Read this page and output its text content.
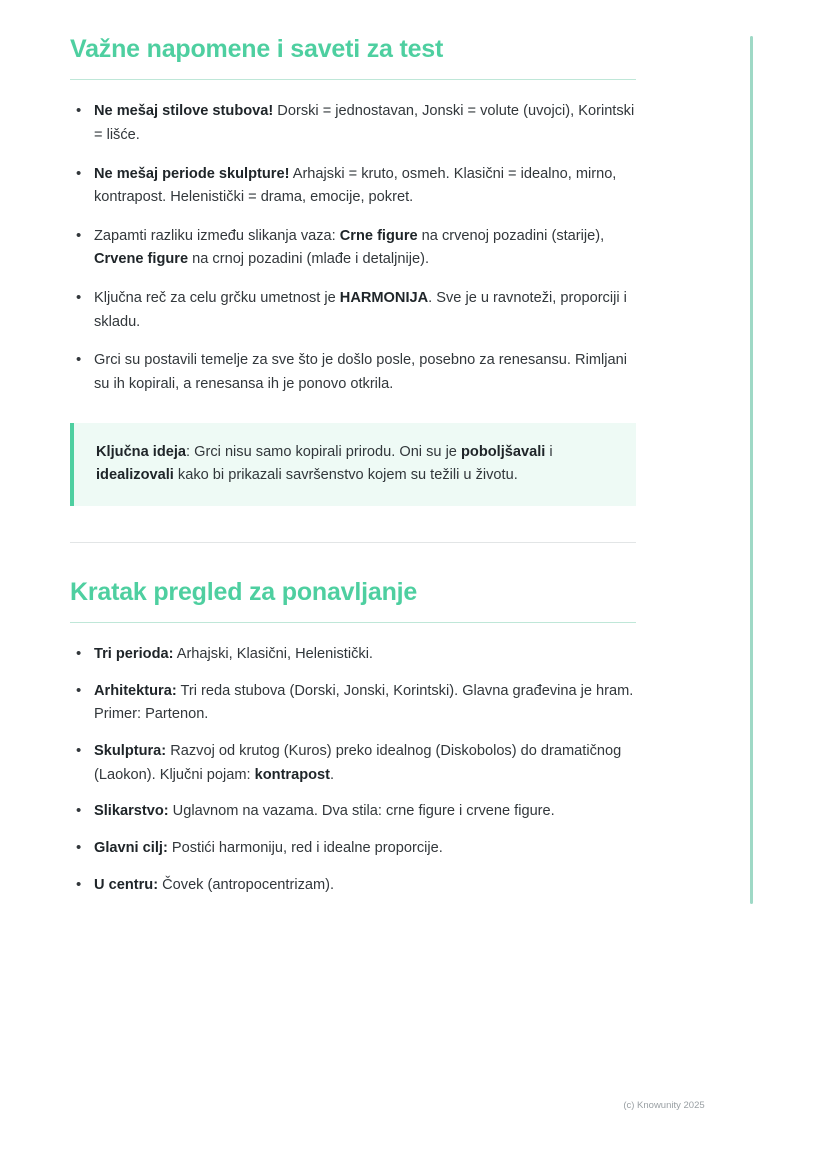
Važne napomene i saveti za test
• Ne mešaj stilove stubova! Dorski = jednostavan, Jonski = volute (uvojci), Korintski = lišće.
• Ne mešaj periode skulpture! Arhajski = kruto, osmeh. Klasični = idealno, mirno, kontrapost. Helenistički = drama, emocije, pokret.
• Zapamti razliku između slikanja vaza: Crne figure na crvenoj pozadini (starije), Crvene figure na crnoj pozadini (mlađe i detaljnije).
• Ključna reč za celu grčku umetnost je HARMONIJA. Sve je u ravnoteži, proporciji i skladu.
• Grci su postavili temelje za sve što je došlo posle, posebno za renesansu. Rimljani su ih kopirali, a renesansa ih je ponovo otkrila.
Ključna ideja: Grci nisu samo kopirali prirodu. Oni su je poboljšavali i idealizovali kako bi prikazali savršenstvo kojem su težili u životu.
Kratak pregled za ponavljanje
• Tri perioda: Arhajski, Klasični, Helenistički.
• Arhitektura: Tri reda stubova (Dorski, Jonski, Korintski). Glavna građevina je hram. Primer: Partenon.
• Skulptura: Razvoj od krutog (Kuros) preko idealnog (Diskobolos) do dramatičnog (Laokon). Ključni pojam: kontrapost.
• Slikarstvo: Uglavnom na vazama. Dva stila: crne figure i crvene figure.
• Glavni cilj: Postići harmoniju, red i idealne proporcije.
• U centru: Čovek (antropocentrizam).
(c) Knowunity 2025
